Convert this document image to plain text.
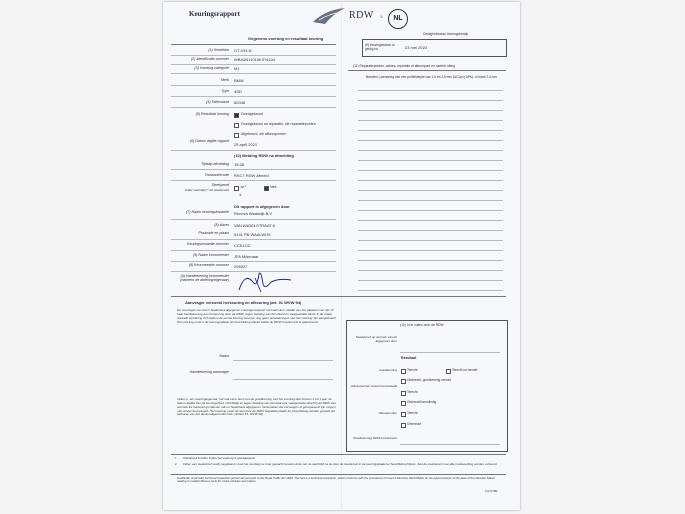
Keuringsrapport	RDW ①	NL
Gegevens voertuig en resultaat keuring
(1) Kenteken GT-033-N
(2) Identificatie-nummer WBA3N11010K3?4104
(3) Voertuig-categorie M1
Merk BMW
Type 4SD
(4) Tellerstand 82048
(5) Resultaat keuring	Goedgekeurd
Goedgekeurd na reparatie, zie reparatiepunten
Afgekeurd, zie afkeurpunten
(6) Datum afgifte rapport
25 april 2021
(10) Melding RDW na afmelding
Tijdstip afmelding 15:38
Transactiecode RKC7 RDW Afmeld
Steekproef
Indien wachttijd (* zie steekproef)
Ja *	Nee
②
Dit rapport is afgegeven door
(7) Naam keuringsinstantie Renova Waalwijk B.V
(8) Adres VAN ANDELSTRAAT 8
Postcode en plaats 5141 PB WAALWIJK
Keuringsinstantie-nummer CCK1CD
(9) Naam keurmeester JFA Molenaar
(9) Keurmeester-nummer 206327
(9) Handtekening keurmeester (namens de afdeling/eigenaar)
Geldigheidsduur keuringsbewijs
(9) Keuringsdatum is geldig tot	23 mei 2023
(11) Reparatiepunten, advies, reparatie of afkeurpunt en nadere uitleg
Bandenl ( aanwezig met een profieldiepte van 1,6 tm 2,5 mm (AC1(rv) APK): rv band 2,4 mm
Aanvrager verzoekt herkeuring en afkeuring (art. 91 WVW 94)
De voertuiger van het in Nederland afgegeven voertuigenrapport verzoekt door middel van het plaatsen van zijn of haar handtekening een herkeuring door de RDW, tegen betaling van het daarvoor vastgestelde tarief. Ik de onder staande verklaring zich tijdens de eerste keuring bevond, nog geen veranderingen van het voertuig zijn aangebracht. Het voertuig moet u de keuringsplaats ter beschikking blijven totdat de RDW functionaris is gearriveerd.
Naam
Handtekening aanvrager
Indien u, als voertuigeigenaar, het niet eens bent met de goedkeuring van het voertuig dien binnen 1 tot 1 jaar na datum afgifte van de keuringsbrief, schriftelijk en tegen betaling van het daarvoor vastgestelde tarief bij de RDW een verzoek tot herkeuring indienen mits in Nederland afgegeven. Onderdelen die vervangen of gerepareerd zijn mogen niet verder beoordeeld. Het voertuig moet op aan door de RDW bepaalde plaats ter beschikking worden gesteld ten behoeve van het deskundigenonderzoek. (artikel 91, WVW 94)
(10) In te vullen door de RDW
Steekproef op verzoek van de afgegeven door
Resultaat
Goedkeuring	Terecht	Terecht na herstel
Onterecht, goedkeuring vervalt
Advies/punten terecht beoordeeld
Terecht
Onterecht/onvolledig
Afkeurpunten	Terecht
Onterecht
Handtekening RDW functionaris
1	Uitsluitend invullen indien het voertuig is goedgekeurd.
2	Indien een steekproef wordt toegekend, moet het voertuig na zoter gewacht tot aan einde van de wachttijd na de door de steekproef in de keuringsplaats ter beschikking blijven. Aan de steekproef moet alle medewerking worden verleend.
Certificate of periodic technical inspection performed pursuant to the Road Traffic Act 1994. The text is a technical inspection, which conforms with the provisions of Council Directive 2014/45/EU on the approximation of the laws of the Member States relating to roadworthiness tests for motor vehicles and trailers.
2 R 0780-
